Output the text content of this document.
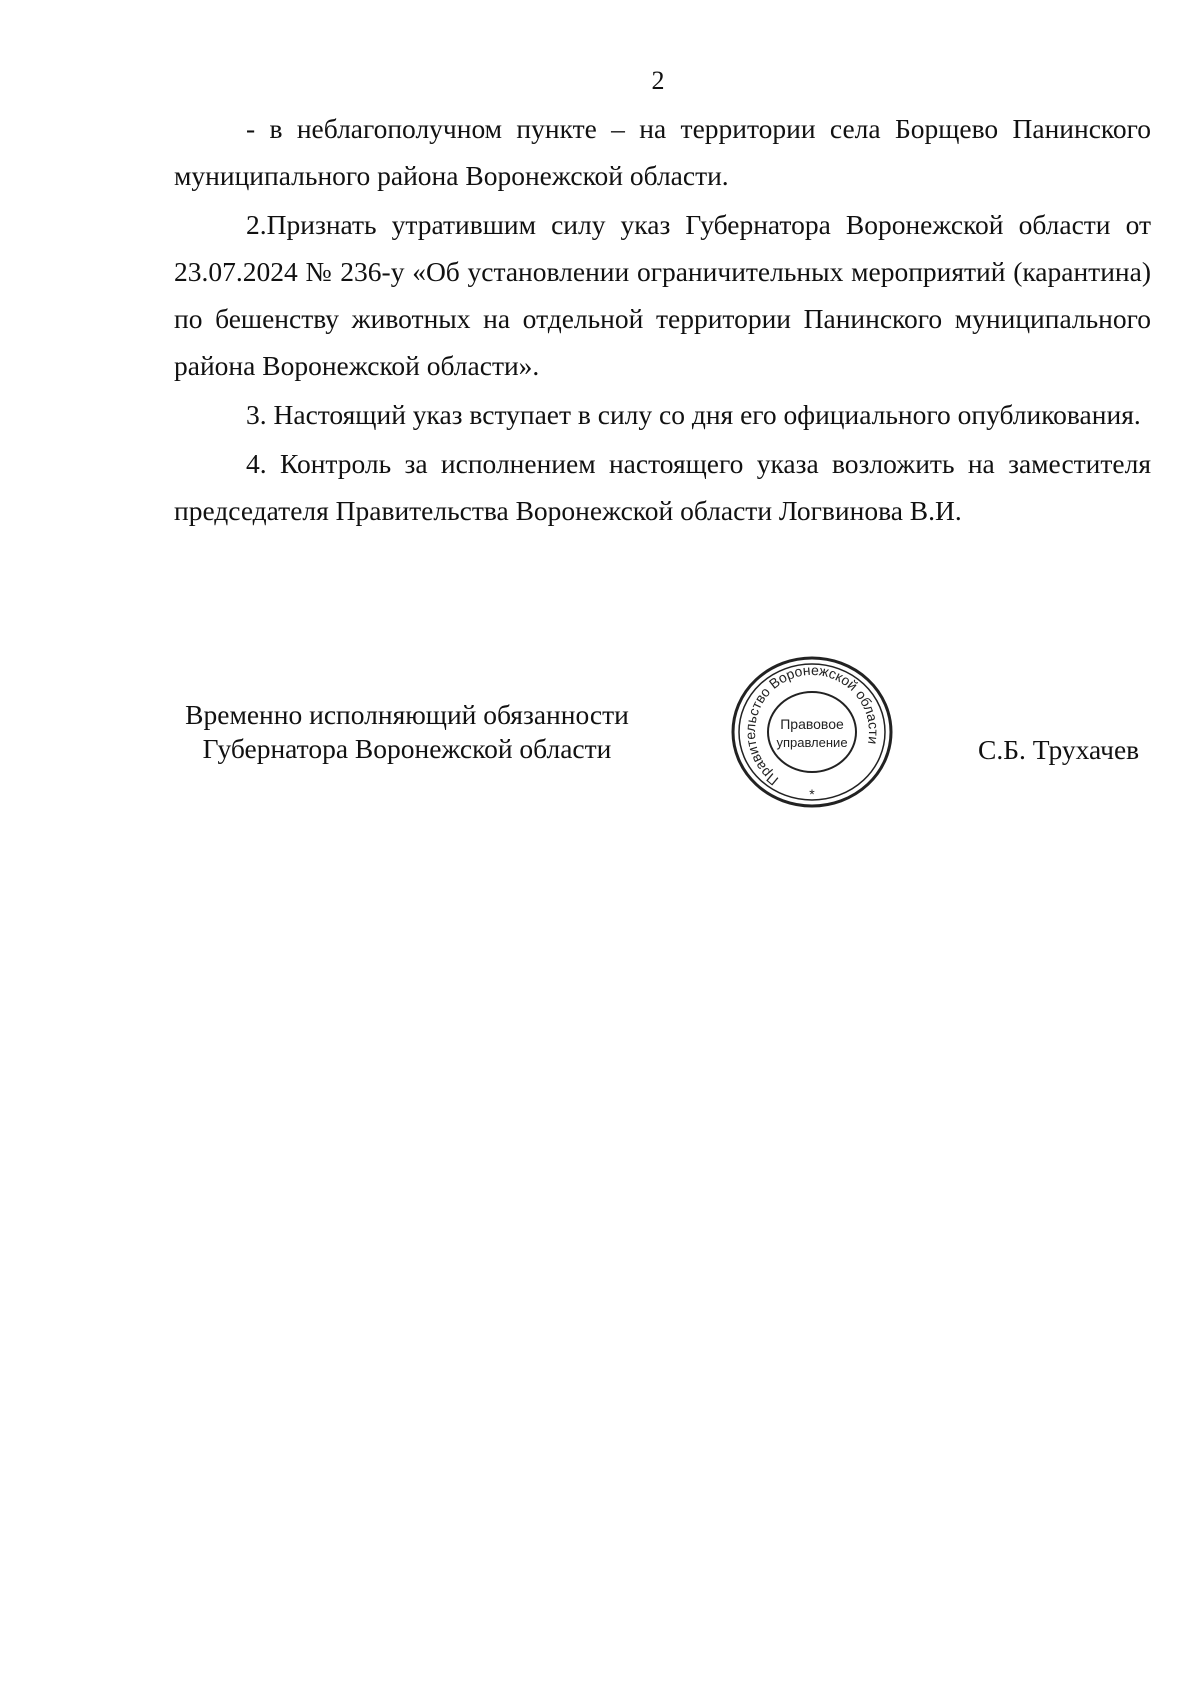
2

- в неблагополучном пункте – на территории села Борщево Панинского муниципального района Воронежской области.

2.Признать утратившим силу указ Губернатора Воронежской области от 23.07.2024 № 236-у «Об установлении ограничительных мероприятий (карантина) по бешенству животных на отдельной территории Панинского муниципального района Воронежской области».

3. Настоящий указ вступает в силу со дня его официального опубликования.

4. Контроль за исполнением настоящего указа возложить на заместителя председателя Правительства Воронежской области Логвинова В.И.

Временно исполняющий обязанности
Губернатора Воронежской области
Правительство Воронежской области
Правовое
управление
*
С.Б. Трухачев
